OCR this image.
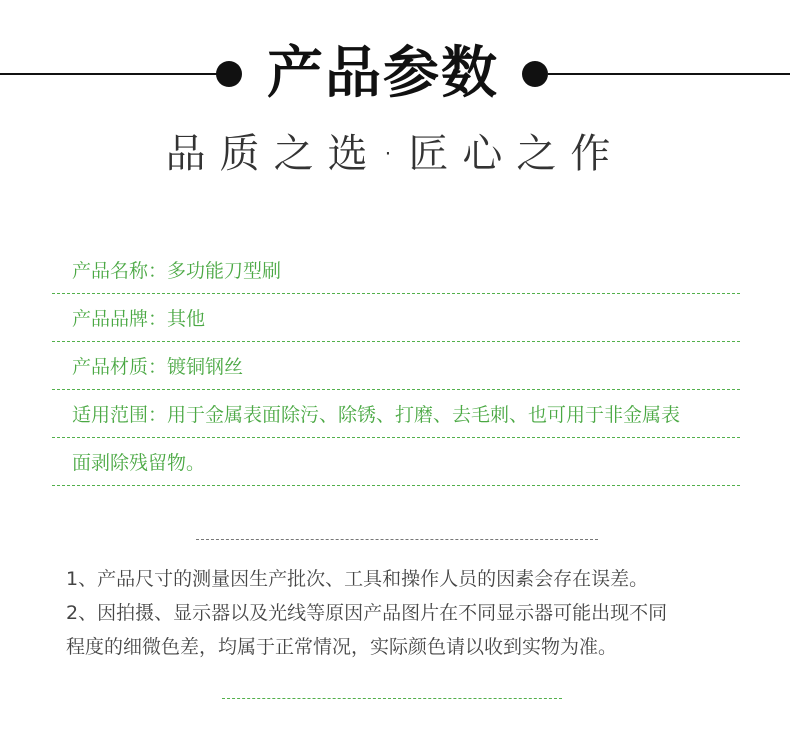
产品参数
品质之选·匠心之作
产品名称： 多功能刀型刷
产品品牌： 其他
产品材质： 镀铜钢丝
适用范围： 用于金属表面除污、除锈、打磨、去毛刺、也可用于非金属表
面剥除残留物。
1、产品尺寸的测量因生产批次、工具和操作人员的因素会存在误差。
2、因拍摄、显示器以及光线等原因产品图片在不同显示器可能出现不同
程度的细微色差，均属于正常情况，实际颜色请以收到实物为准。
